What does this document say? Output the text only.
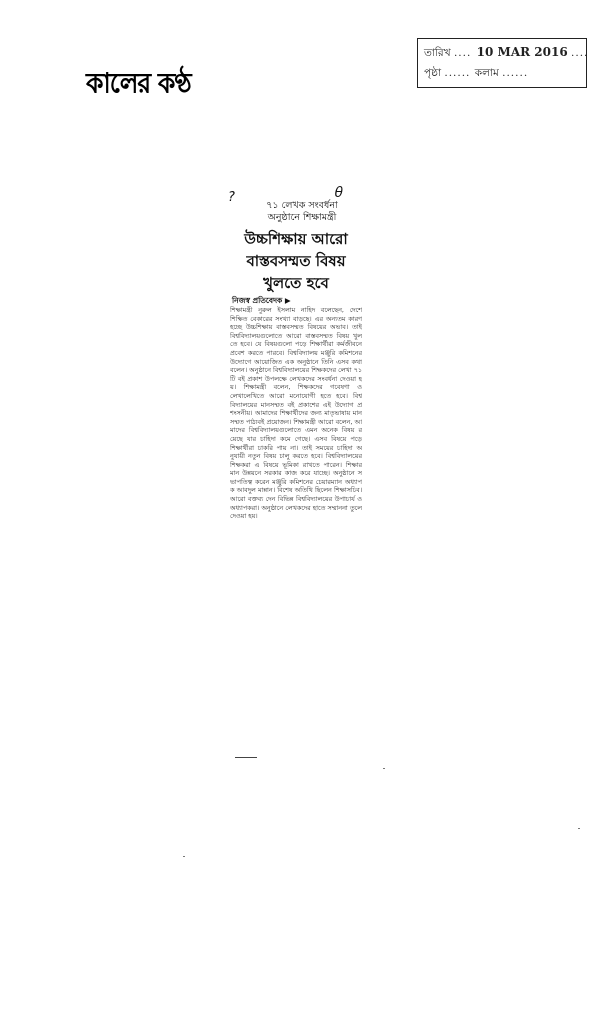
কালের কণ্ঠ
তারিখ .... 10 MAR 2016 ....
পৃষ্ঠা ...... কলাম ......
?	𝜃
৭১ লেখক সংবর্ধনা
অনুষ্ঠানে শিক্ষামন্ত্রী
উচ্চশিক্ষায় আরো
বাস্তবসম্মত বিষয়
খুলতে হবে
নিজস্ব প্রতিবেদক ▶
শিক্ষামন্ত্রী নুরুল ইসলাম নাহিদ বলেছেন, দেশে শিক্ষিত বেকারের সংখ্যা বাড়ছে। এর অন্যতম কারণ হচ্ছে উচ্চশিক্ষায় বাস্তবসম্মত বিষয়ের অভাব। তাই বিশ্ববিদ্যালয়গুলোতে আরো বাস্তবসম্মত বিষয় খুলতে হবে। যে বিষয়গুলো পড়ে শিক্ষার্থীরা কর্মজীবনে প্রবেশ করতে পারবে। বিশ্ববিদ্যালয় মঞ্জুরি কমিশনের উদ্যোগে আয়োজিত এক অনুষ্ঠানে তিনি এসব কথা বলেন। অনুষ্ঠানে বিশ্ববিদ্যালয়ের শিক্ষকদের লেখা ৭১টি বই প্রকাশ উপলক্ষে লেখকদের সংবর্ধনা দেওয়া হয়। শিক্ষামন্ত্রী বলেন, শিক্ষকদের গবেষণা ও লেখালেখিতে আরো মনোযোগী হতে হবে। বিশ্ববিদ্যালয়ের মানসম্মত বই প্রকাশের এই উদ্যোগ প্রশংসনীয়। আমাদের শিক্ষার্থীদের জন্য মাতৃভাষায় মানসম্মত পাঠ্যবই প্রয়োজন। শিক্ষামন্ত্রী আরো বলেন, আমাদের বিশ্ববিদ্যালয়গুলোতে এমন অনেক বিষয় রয়েছে যার চাহিদা কমে গেছে। এসব বিষয়ে পড়ে শিক্ষার্থীরা চাকরি পায় না। তাই সময়ের চাহিদা অনুযায়ী নতুন বিষয় চালু করতে হবে। বিশ্ববিদ্যালয়ের শিক্ষকরা এ বিষয়ে ভূমিকা রাখতে পারেন। শিক্ষার মান উন্নয়নে সরকার কাজ করে যাচ্ছে। অনুষ্ঠানে সভাপতিত্ব করেন মঞ্জুরি কমিশনের চেয়ারম্যান অধ্যাপক আবদুল মান্নান। বিশেষ অতিথি ছিলেন শিক্ষাসচিব। আরো বক্তব্য দেন বিভিন্ন বিশ্ববিদ্যালয়ের উপাচার্য ও অধ্যাপকরা। অনুষ্ঠানে লেখকদের হাতে সম্মাননা তুলে দেওয়া হয়।
